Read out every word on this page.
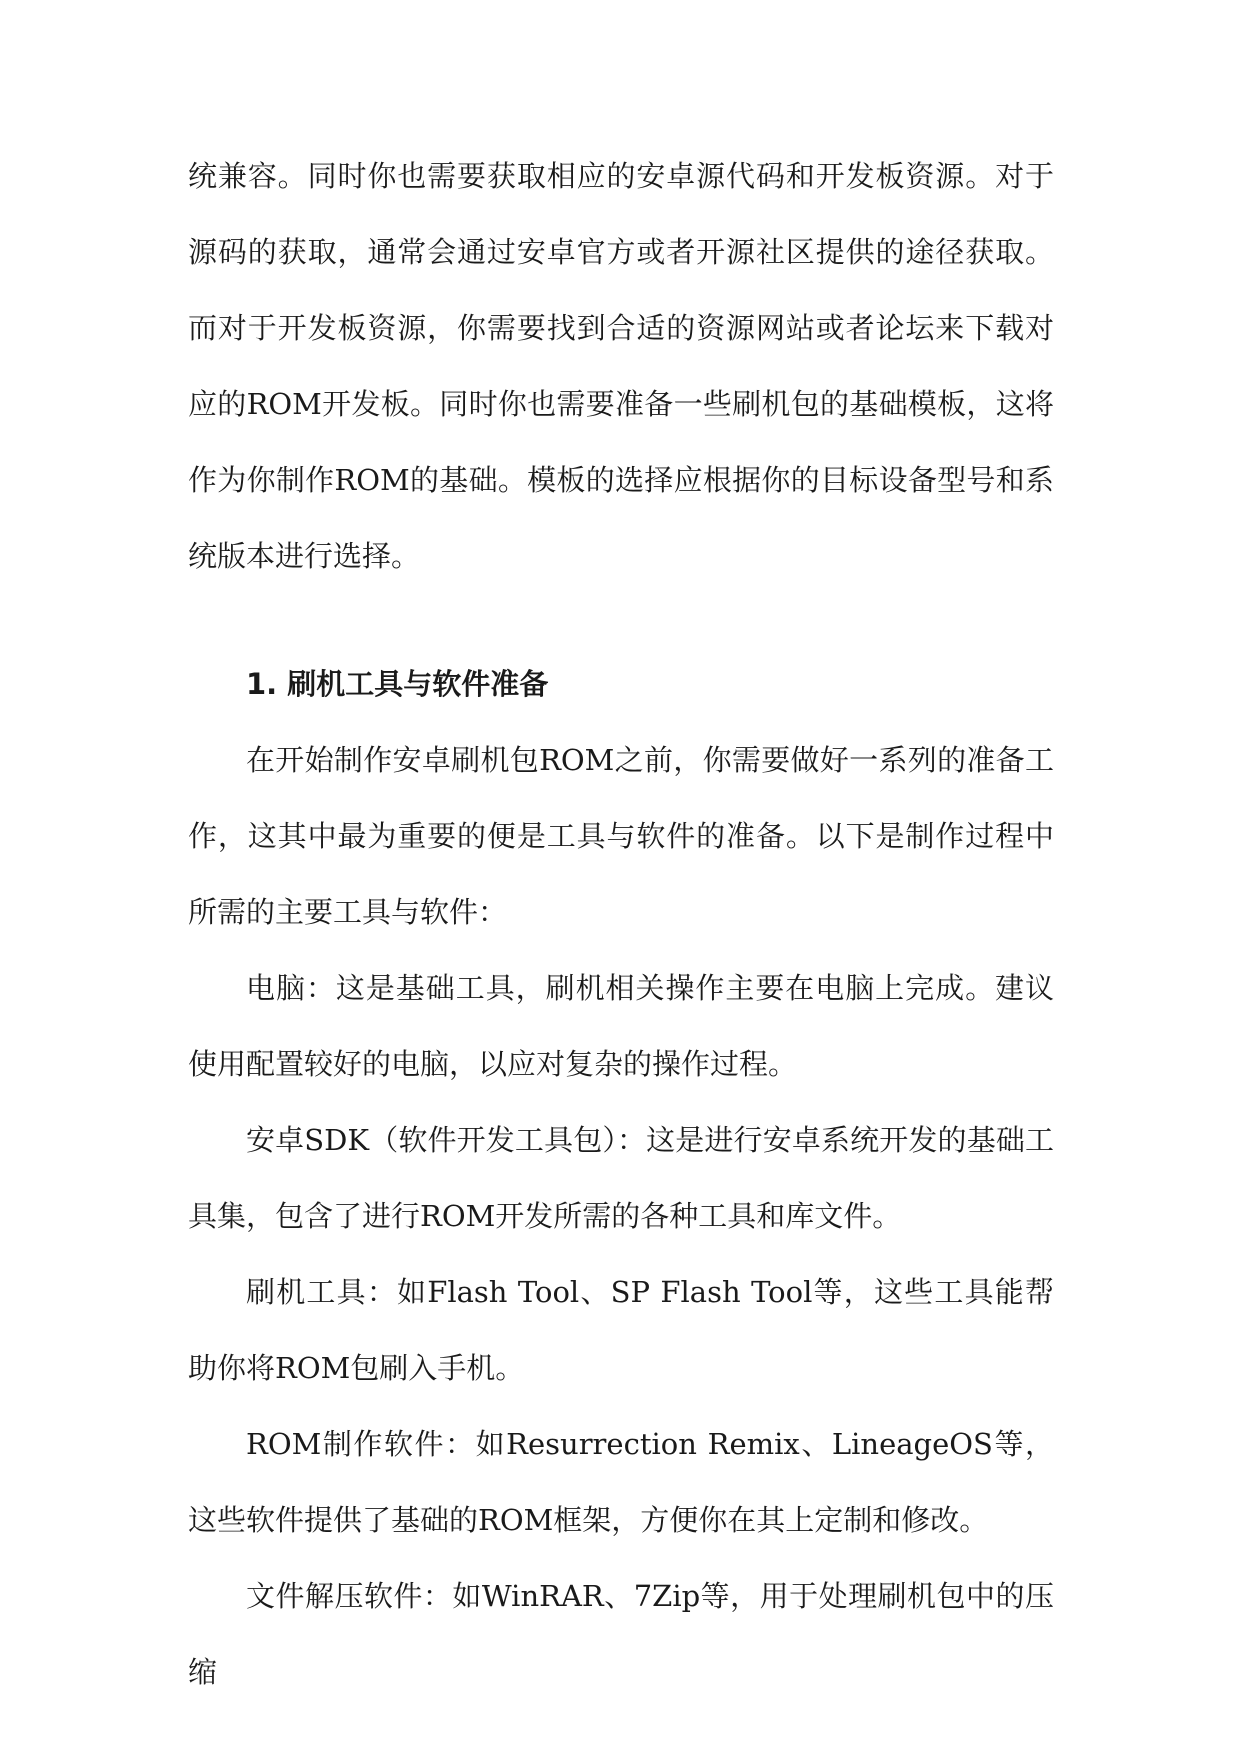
统兼容。同时你也需要获取相应的安卓源代码和开发板资源。对于源码的获取，通常会通过安卓官方或者开源社区提供的途径获取。而对于开发板资源，你需要找到合适的资源网站或者论坛来下载对应的ROM开发板。同时你也需要准备一些刷机包的基础模板，这将作为你制作ROM的基础。模板的选择应根据你的目标设备型号和系统版本进行选择。

1. 刷机工具与软件准备

在开始制作安卓刷机包ROM之前，你需要做好一系列的准备工作，这其中最为重要的便是工具与软件的准备。以下是制作过程中所需的主要工具与软件：

电脑：这是基础工具，刷机相关操作主要在电脑上完成。建议使用配置较好的电脑，以应对复杂的操作过程。

安卓SDK（软件开发工具包）：这是进行安卓系统开发的基础工具集，包含了进行ROM开发所需的各种工具和库文件。

刷机工具：如Flash Tool、SP Flash Tool等，这些工具能帮助你将ROM包刷入手机。

ROM制作软件：如Resurrection Remix、LineageOS等，这些软件提供了基础的ROM框架，方便你在其上定制和修改。

文件解压软件：如WinRAR、7Zip等，用于处理刷机包中的压缩
